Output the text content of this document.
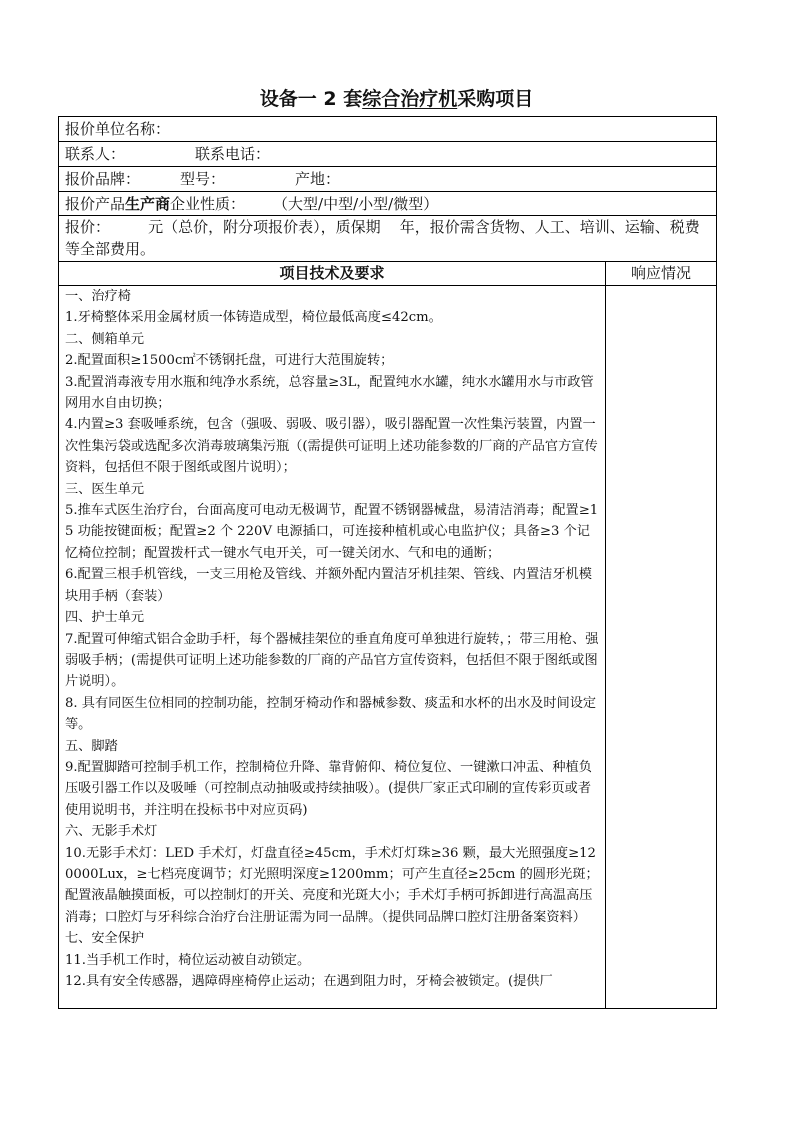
设备一 2 套综合治疗机采购项目
报价单位名称：
联系人：	联系电话：
报价品牌：	型号：	产地：
报价产品生产商企业性质： （大型/中型/小型/微型）
报价：        元（总价，附分项报价表），质保期    年，报价需含货物、人工、培训、运输、税费等全部费用。
项目技术及要求	响应情况
一、治疗椅
1.牙椅整体采用金属材质一体铸造成型，椅位最低高度≤42cm。
二、侧箱单元
2.配置面积≥1500c㎡不锈钢托盘，可进行大范围旋转；
3.配置消毒液专用水瓶和纯净水系统，总容量≥3L，配置纯水水罐，纯水水罐用水与市政管网用水自由切换；
4.内置≥3 套吸唾系统，包含（强吸、弱吸、吸引器），吸引器配置一次性集污装置，内置一次性集污袋或选配多次消毒玻璃集污瓶（(需提供可证明上述功能参数的厂商的产品官方宣传资料，包括但不限于图纸或图片说明）；
三、医生单元
5.推车式医生治疗台，台面高度可电动无极调节，配置不锈钢器械盘，易清洁消毒；配置≥15 功能按键面板；配置≥2 个 220V 电源插口，可连接种植机或心电监护仪；具备≥3 个记忆椅位控制；配置拨杆式一键水气电开关，可一键关闭水、气和电的通断；
6.配置三根手机管线，一支三用枪及管线、并额外配内置洁牙机挂架、管线、内置洁牙机模块用手柄（套装）
四、护士单元
7.配置可伸缩式铝合金助手杆，每个器械挂架位的垂直角度可单独进行旋转，；带三用枪、强弱吸手柄；(需提供可证明上述功能参数的厂商的产品官方宣传资料，包括但不限于图纸或图片说明）。
8. 具有同医生位相同的控制功能，控制牙椅动作和器械参数、痰盂和水杯的出水及时间设定等。
五、脚踏
9.配置脚踏可控制手机工作，控制椅位升降、靠背俯仰、椅位复位、一键漱口冲盂、种植负压吸引器工作以及吸唾（可控制点动抽吸或持续抽吸）。(提供厂家正式印刷的宣传彩页或者使用说明书，并注明在投标书中对应页码)
六、无影手术灯
10.无影手术灯：LED 手术灯，灯盘直径≥45cm，手术灯灯珠≥36 颗，最大光照强度≥120000Lux，≥七档亮度调节；灯光照明深度≥1200mm；可产生直径≥25cm 的圆形光斑；配置液晶触摸面板，可以控制灯的开关、亮度和光斑大小；手术灯手柄可拆卸进行高温高压消毒；口腔灯与牙科综合治疗台注册证需为同一品牌。（提供同品牌口腔灯注册备案资料）
七、安全保护
11.当手机工作时，椅位运动被自动锁定。
12.具有安全传感器，遇障碍座椅停止运动；在遇到阻力时，牙椅会被锁定。(提供厂
